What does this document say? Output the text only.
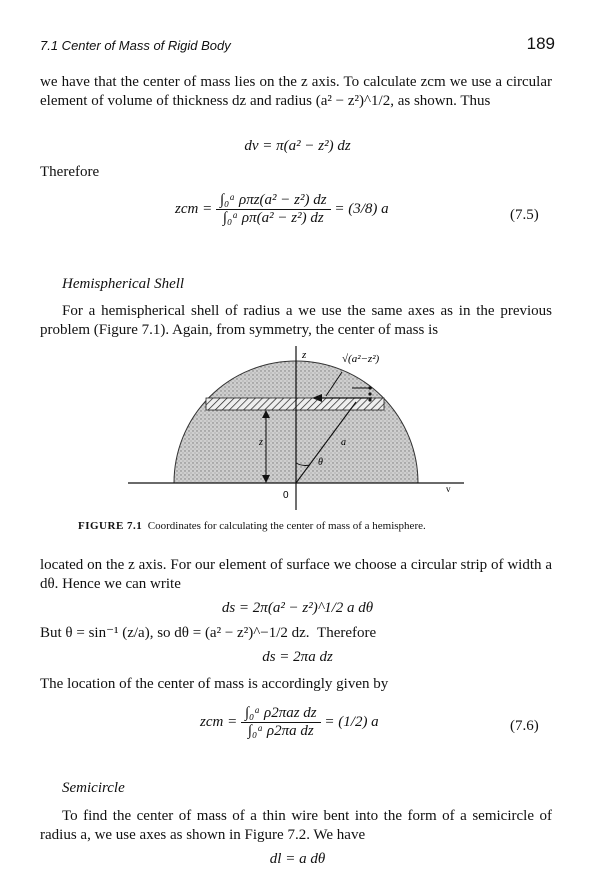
7.1 Center of Mass of Rigid Body	189
we have that the center of mass lies on the z axis. To calculate zcm we use a circular element of volume of thickness dz and radius (a² − z²)^1/2, as shown. Thus
dv = π(a² − z²) dz
Therefore
zcm = $\frac{\text{∫₀ᵃ ρπz(a² − z²) dz}}{\text{∫₀ᵃ ρπ(a² − z²) dz}} = (3/8)$ a	(7.5)
Hemispherical Shell
For a hemispherical shell of radius a we use the same axes as in the previous problem (Figure 7.1). Again, from symmetry, the center of mass is
z	√(a²−z²)
z	a
θ
0
v
FIGURE 7.1 Coordinates for calculating the center of mass of a hemisphere.
located on the z axis. For our element of surface we choose a circular strip of width a dθ. Hence we can write
ds = 2π(a² − z²)^1/2 a dθ
But θ = sin⁻¹ (z/a), so dθ = (a² − z²)^−1/2 dz. Therefore
ds = 2πa dz
The location of the center of mass is accordingly given by
zcm = $\frac{\text{∫₀ᵃ ρ2πaz dz}}{\text{∫₀ᵃ ρ2πa dz}} = (1/2)$ a	(7.6)
Semicircle
To find the center of mass of a thin wire bent into the form of a semicircle of radius a, we use axes as shown in Figure 7.2. We have
dl = a dθ
